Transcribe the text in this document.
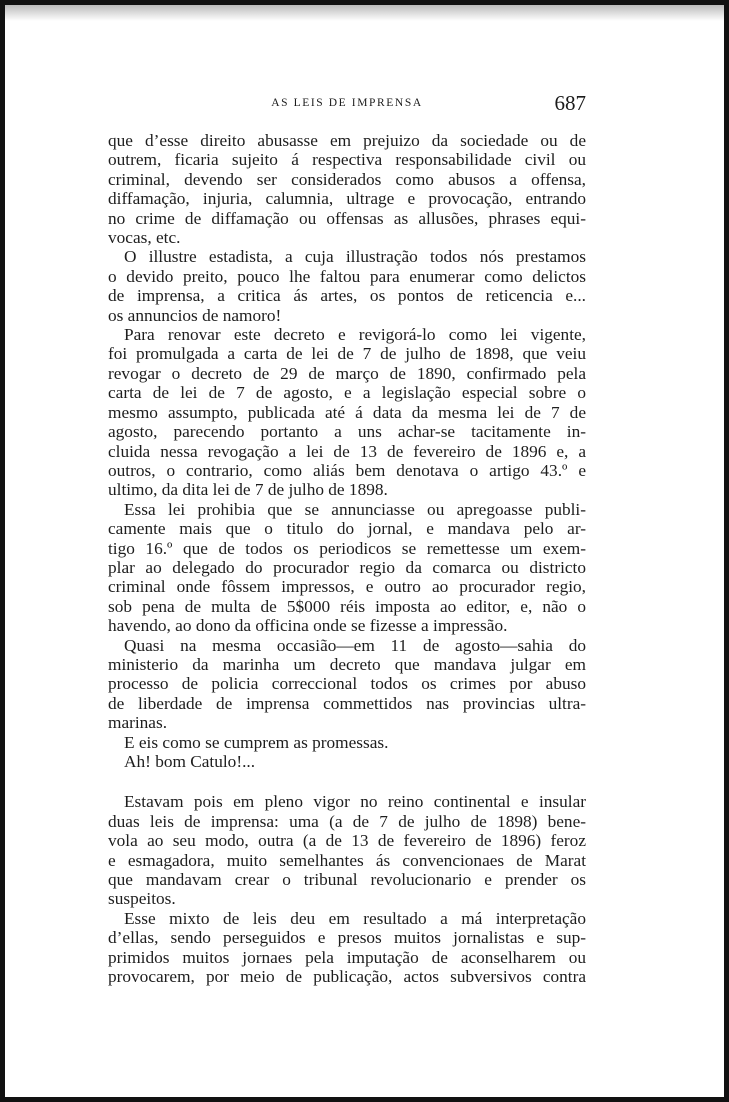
AS LEIS DE IMPRENSA	687

que d’esse direito abusasse em prejuizo da sociedade ou de
outrem, ficaria sujeito á respectiva responsabilidade civil ou
criminal, devendo ser considerados como abusos a offensa,
diffamação, injuria, calumnia, ultrage e provocação, entrando
no crime de diffamação ou offensas as allusões, phrases equi-
vocas, etc.

O illustre estadista, a cuja illustração todos nós prestamos
o devido preito, pouco lhe faltou para enumerar como delictos
de imprensa, a critica ás artes, os pontos de reticencia e...
os annuncios de namoro!

Para renovar este decreto e revigorá-lo como lei vigente,
foi promulgada a carta de lei de 7 de julho de 1898, que veiu
revogar o decreto de 29 de março de 1890, confirmado pela
carta de lei de 7 de agosto, e a legislação especial sobre o
mesmo assumpto, publicada até á data da mesma lei de 7 de
agosto, parecendo portanto a uns achar-se tacitamente in-
cluida nessa revogação a lei de 13 de fevereiro de 1896 e, a
outros, o contrario, como aliás bem denotava o artigo 43.º e
ultimo, da dita lei de 7 de julho de 1898.

Essa lei prohibia que se annunciasse ou apregoasse publi-
camente mais que o titulo do jornal, e mandava pelo ar-
tigo 16.º que de todos os periodicos se remettesse um exem-
plar ao delegado do procurador regio da comarca ou districto
criminal onde fôssem impressos, e outro ao procurador regio,
sob pena de multa de 5$000 réis imposta ao editor, e, não o
havendo, ao dono da officina onde se fizesse a impressão.

Quasi na mesma occasião—em 11 de agosto—sahia do
ministerio da marinha um decreto que mandava julgar em
processo de policia correccional todos os crimes por abuso
de liberdade de imprensa commettidos nas provincias ultra-
marinas.

E eis como se cumprem as promessas.

Ah! bom Catulo!...

Estavam pois em pleno vigor no reino continental e insular
duas leis de imprensa: uma (a de 7 de julho de 1898) bene-
vola ao seu modo, outra (a de 13 de fevereiro de 1896) feroz
e esmagadora, muito semelhantes ás convencionaes de Marat
que mandavam crear o tribunal revolucionario e prender os
suspeitos.

Esse mixto de leis deu em resultado a má interpretação
d’ellas, sendo perseguidos e presos muitos jornalistas e sup-
primidos muitos jornaes pela imputação de aconselharem ou
provocarem, por meio de publicação, actos subversivos contra
